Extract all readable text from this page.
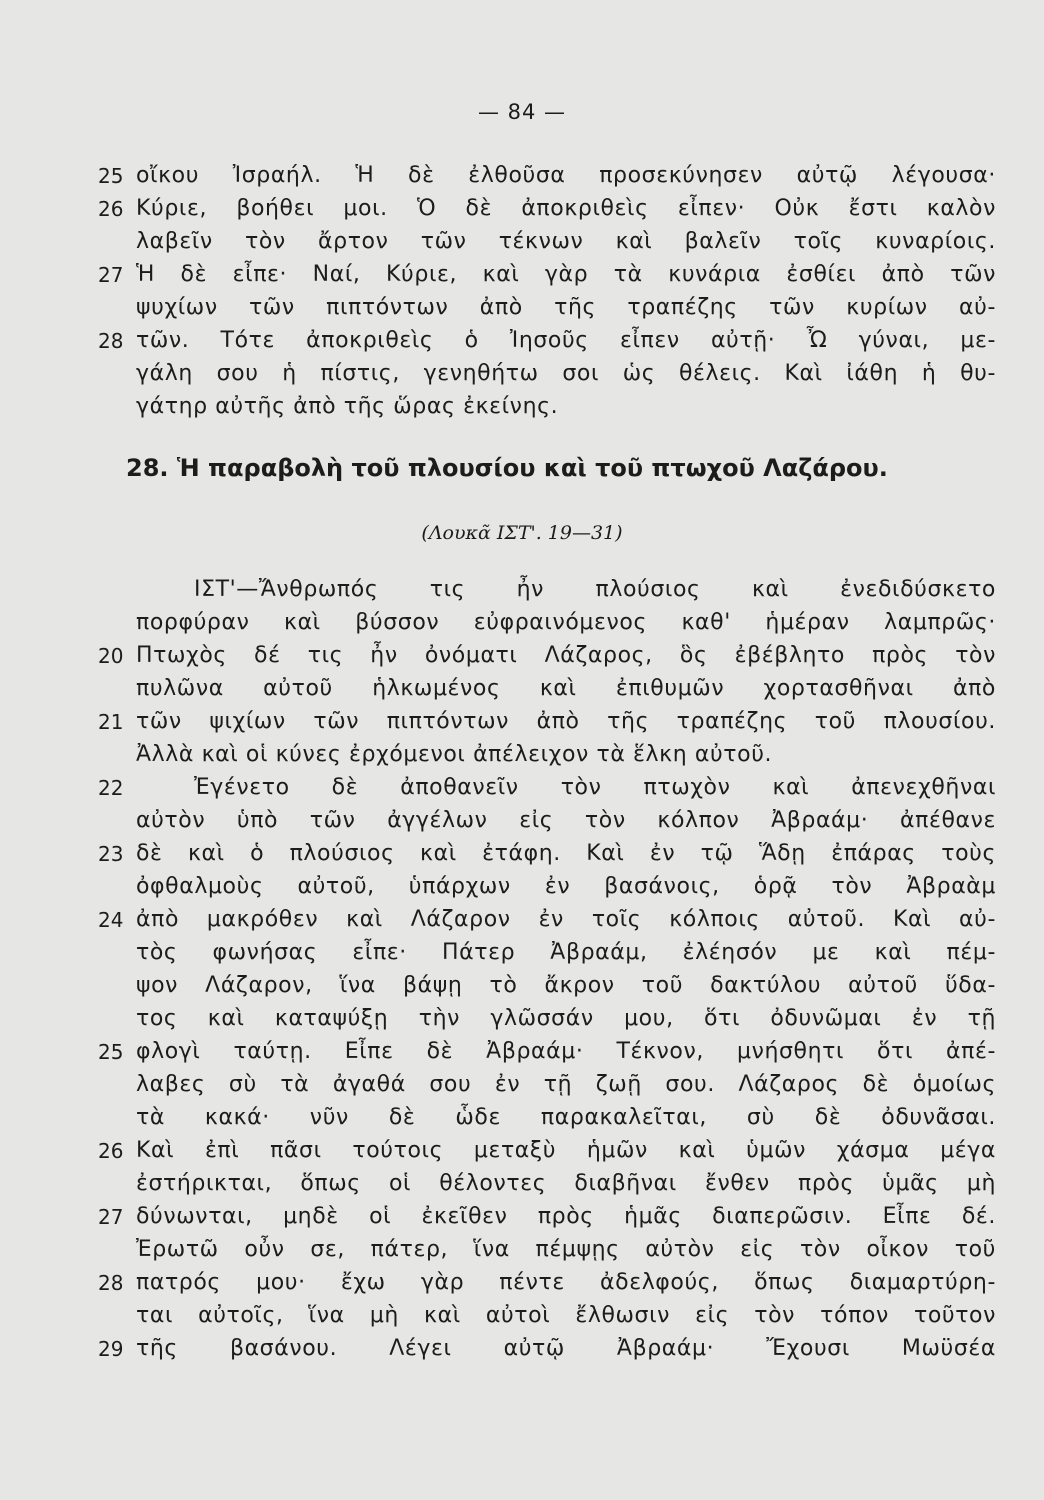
— 84 —
25 οἴκου Ἰσραήλ. Ἡ δὲ ἐλθοῦσα προσεκύνησεν αὐτῷ λέγουσα·
26 Κύριε, βοήθει μοι. Ὁ δὲ ἀποκριθεὶς εἶπεν· Οὐκ ἔστι καλὸν
λαβεῖν τὸν ἄρτον τῶν τέκνων καὶ βαλεῖν τοῖς κυναρίοις.
27 Ἡ δὲ εἶπε· Ναί, Κύριε, καὶ γὰρ τὰ κυνάρια ἐσθίει ἀπὸ τῶν
ψυχίων τῶν πιπτόντων ἀπὸ τῆς τραπέζης τῶν κυρίων αὐ-
28 τῶν. Τότε ἀποκριθεὶς ὁ Ἰησοῦς εἶπεν αὐτῇ· Ὦ γύναι, με-
γάλη σου ἡ πίστις, γενηθήτω σοι ὡς θέλεις. Καὶ ἰάθη ἡ θυ-
γάτηρ αὐτῆς ἀπὸ τῆς ὥρας ἐκείνης.
28. Ἡ παραβολὴ τοῦ πλουσίου καὶ τοῦ πτωχοῦ Λαζάρου.
(Λουκᾶ ΙΣΤ'. 19—31)
ΙΣΤ'—Ἄνθρωπός τις ἦν πλούσιος καὶ ἐνεδιδύσκετο
πορφύραν καὶ βύσσον εὐφραινόμενος καθ' ἡμέραν λαμπρῶς·
20 Πτωχὸς δέ τις ἦν ὀνόματι Λάζαρος, ὃς ἐβέβλητο πρὸς τὸν
πυλῶνα αὐτοῦ ἡλκωμένος καὶ ἐπιθυμῶν χορτασθῆναι ἀπὸ
21 τῶν ψιχίων τῶν πιπτόντων ἀπὸ τῆς τραπέζης τοῦ πλουσίου.
Ἀλλὰ καὶ οἱ κύνες ἐρχόμενοι ἀπέλειχον τὰ ἕλκη αὐτοῦ.
22	Ἐγένετο δὲ ἀποθανεῖν τὸν πτωχὸν καὶ ἀπενεχθῆναι
αὐτὸν ὑπὸ τῶν ἀγγέλων εἰς τὸν κόλπον Ἀβραάμ· ἀπέθανε
23 δὲ καὶ ὁ πλούσιος καὶ ἐτάφη. Καὶ ἐν τῷ Ἅδῃ ἐπάρας τοὺς
ὀφθαλμοὺς αὐτοῦ, ὑπάρχων ἐν βασάνοις, ὁρᾷ τὸν Ἀβραὰμ
24 ἀπὸ μακρόθεν καὶ Λάζαρον ἐν τοῖς κόλποις αὐτοῦ. Καὶ αὐ-
τὸς φωνήσας εἶπε· Πάτερ Ἀβραάμ, ἐλέησόν με καὶ πέμ-
ψον Λάζαρον, ἵνα βάψῃ τὸ ἄκρον τοῦ δακτύλου αὐτοῦ ὕδα-
τος καὶ καταψύξῃ τὴν γλῶσσάν μου, ὅτι ὀδυνῶμαι ἐν τῇ
25 φλογὶ ταύτῃ. Εἶπε δὲ Ἀβραάμ· Τέκνον, μνήσθητι ὅτι ἀπέ-
λαβες σὺ τὰ ἀγαθά σου ἐν τῇ ζωῇ σου. Λάζαρος δὲ ὁμοίως
τὰ κακά· νῦν δὲ ὧδε παρακαλεῖται, σὺ δὲ ὀδυνᾶσαι.
26 Καὶ ἐπὶ πᾶσι τούτοις μεταξὺ ἡμῶν καὶ ὑμῶν χάσμα μέγα
ἐστήρικται, ὅπως οἱ θέλοντες διαβῆναι ἔνθεν πρὸς ὑμᾶς μὴ
27 δύνωνται, μηδὲ οἱ ἐκεῖθεν πρὸς ἡμᾶς διαπερῶσιν. Εἶπε δέ.
Ἐρωτῶ οὖν σε, πάτερ, ἵνα πέμψῃς αὐτὸν εἰς τὸν οἶκον τοῦ
28 πατρός μου· ἔχω γὰρ πέντε ἀδελφούς, ὅπως διαμαρτύρη-
ται αὐτοῖς, ἵνα μὴ καὶ αὐτοὶ ἔλθωσιν εἰς τὸν τόπον τοῦτον
29 τῆς βασάνου. Λέγει αὐτῷ Ἀβραάμ· Ἔχουσι Μωϋσέα
